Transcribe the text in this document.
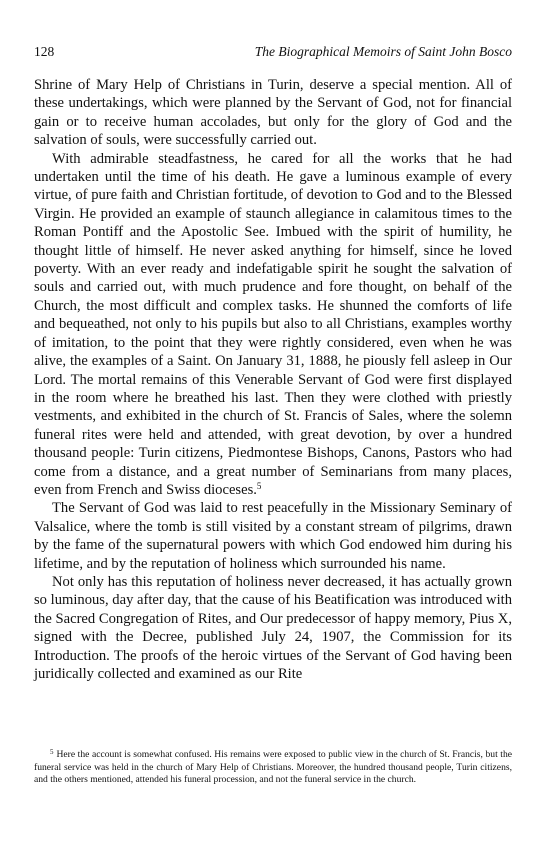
128	The Biographical Memoirs of Saint John Bosco

Shrine of Mary Help of Christians in Turin, deserve a special mention. All of these undertakings, which were planned by the Servant of God, not for financial gain or to receive human accolades, but only for the glory of God and the salvation of souls, were successfully carried out.

With admirable steadfastness, he cared for all the works that he had undertaken until the time of his death. He gave a luminous example of every virtue, of pure faith and Christian fortitude, of devotion to God and to the Blessed Virgin. He provided an example of staunch allegiance in calamitous times to the Roman Pontiff and the Apostolic See. Imbued with the spirit of humility, he thought little of himself. He never asked anything for himself, since he loved poverty. With an ever ready and indefatigable spirit he sought the salvation of souls and carried out, with much prudence and fore thought, on behalf of the Church, the most difficult and complex tasks. He shunned the comforts of life and bequeathed, not only to his pupils but also to all Christians, examples worthy of imitation, to the point that they were rightly considered, even when he was alive, the examples of a Saint. On January 31, 1888, he piously fell asleep in Our Lord. The mortal remains of this Venerable Servant of God were first displayed in the room where he breathed his last. Then they were clothed with priestly vestments, and exhibited in the church of St. Francis of Sales, where the solemn funeral rites were held and attended, with great devotion, by over a hundred thousand people: Turin citizens, Piedmontese Bishops, Canons, Pastors who had come from a distance, and a great number of Seminarians from many places, even from French and Swiss dioceses.$^5$

The Servant of God was laid to rest peacefully in the Missionary Seminary of Valsalice, where the tomb is still visited by a constant stream of pilgrims, drawn by the fame of the supernatural powers with which God endowed him during his lifetime, and by the reputation of holiness which surrounded his name.

Not only has this reputation of holiness never decreased, it has actually grown so luminous, day after day, that the cause of his Beatification was introduced with the Sacred Congregation of Rites, and Our predecessor of happy memory, Pius X, signed with the Decree, published July 24, 1907, the Commission for its Introduction. The proofs of the heroic virtues of the Servant of God having been juridically collected and examined as our Rite

$^5$ Here the account is somewhat confused. His remains were exposed to public view in the church of St. Francis, but the funeral service was held in the church of Mary Help of Christians. Moreover, the hundred thousand people, Turin citizens, and the others mentioned, attended his funeral procession, and not the funeral service in the church.
